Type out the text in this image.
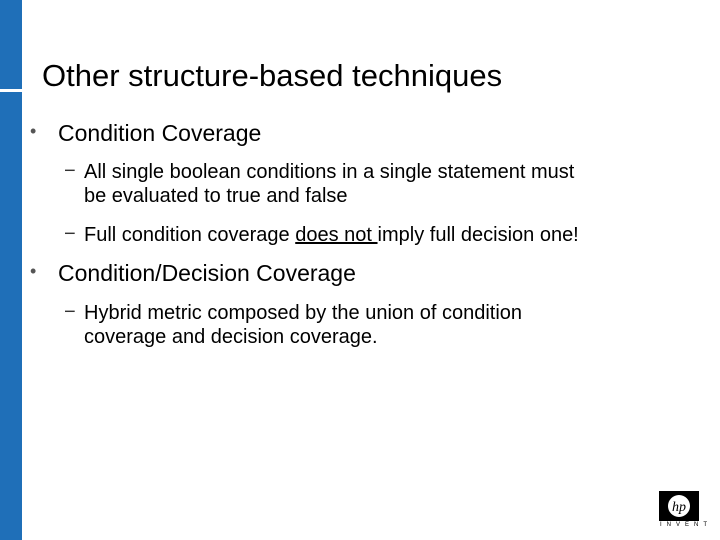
Other structure-based techniques
• Condition Coverage
− All single boolean conditions in a single statement must
be evaluated to true and false
− Full condition coverage does not imply full decision one!
• Condition/Decision Coverage
− Hybrid metric composed by the union of condition
coverage and decision coverage.
hp
INVENT
